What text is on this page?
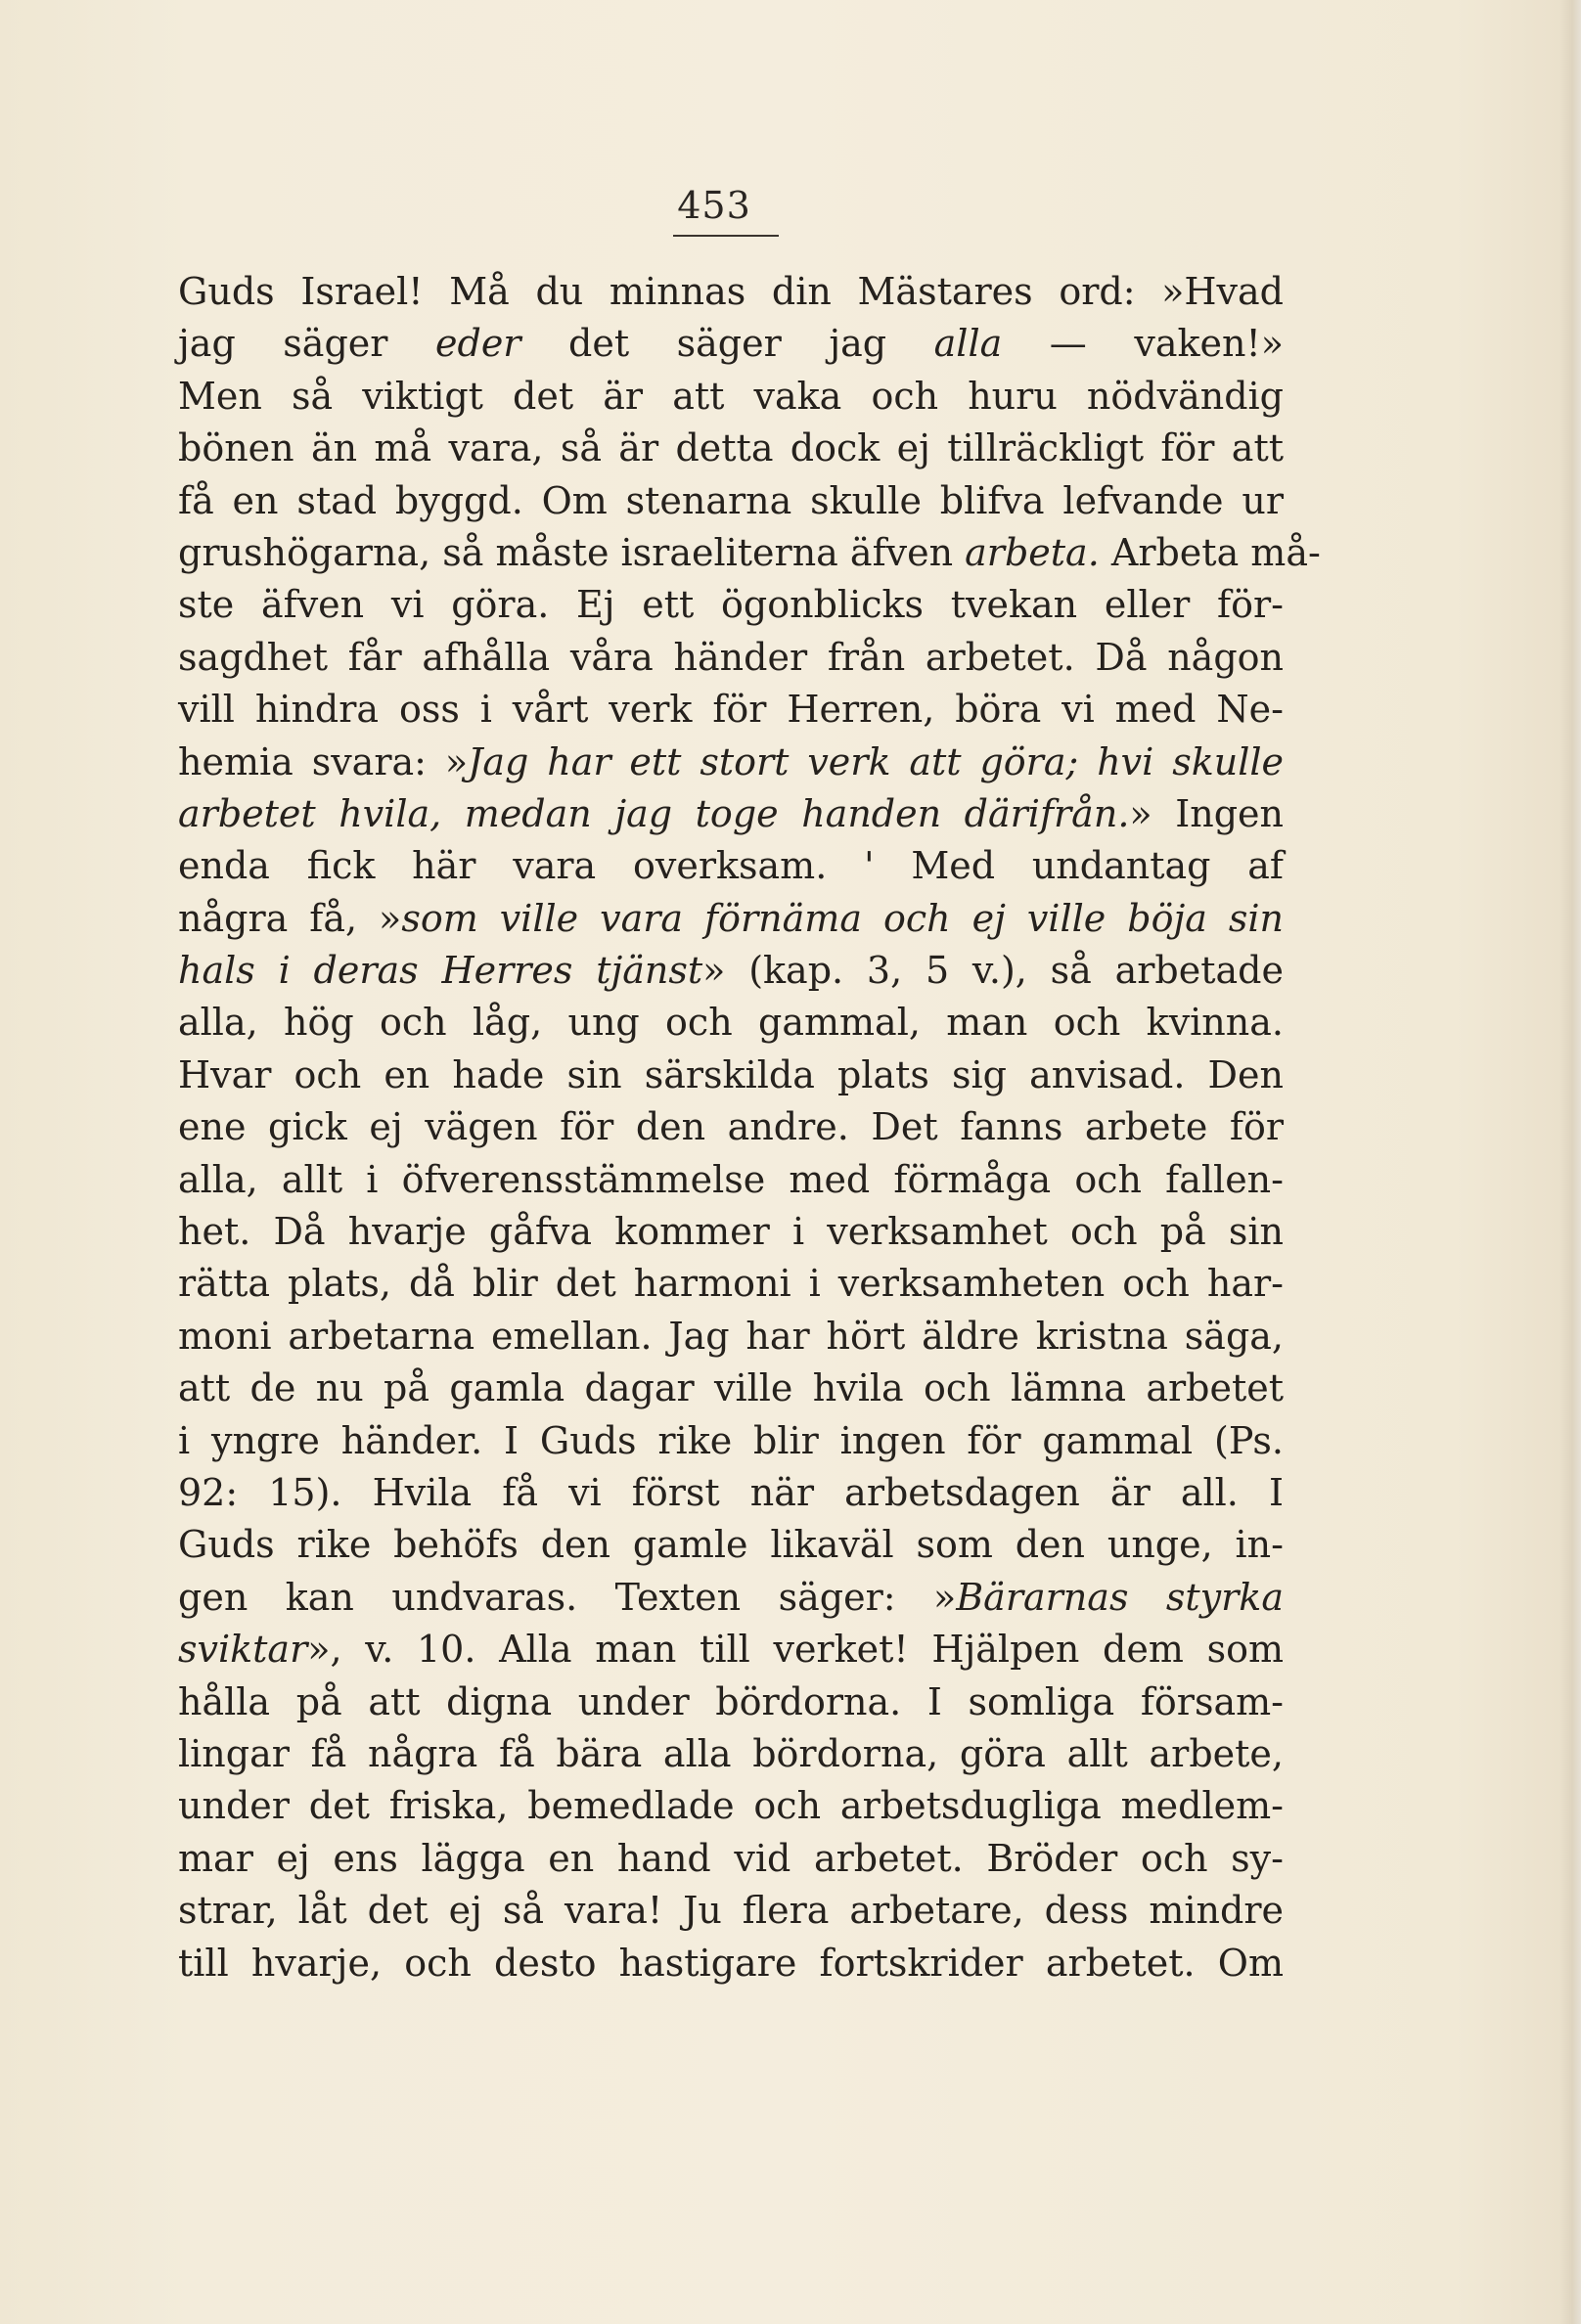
453
Guds Israel! Må du minnas din Mästares ord: »Hvad
jag säger eder det säger jag alla — vaken!»
Men så viktigt det är att vaka och huru nödvändig
bönen än må vara, så är detta dock ej tillräckligt för att
få en stad byggd. Om stenarna skulle blifva lefvande ur
grushögarna, så måste israeliterna äfven arbeta. Arbeta må-
ste äfven vi göra. Ej ett ögonblicks tvekan eller för-
sagdhet får afhålla våra händer från arbetet. Då någon
vill hindra oss i vårt verk för Herren, böra vi med Ne-
hemia svara: »Jag har ett stort verk att göra; hvi skulle
arbetet hvila, medan jag toge handen därifrån.» Ingen
enda fick här vara overksam. ' Med undantag af
några få, »som ville vara förnäma och ej ville böja sin
hals i deras Herres tjänst» (kap. 3, 5 v.), så arbetade
alla, hög och låg, ung och gammal, man och kvinna.
Hvar och en hade sin särskilda plats sig anvisad. Den
ene gick ej vägen för den andre. Det fanns arbete för
alla, allt i öfverensstämmelse med förmåga och fallen-
het. Då hvarje gåfva kommer i verksamhet och på sin
rätta plats, då blir det harmoni i verksamheten och har-
moni arbetarna emellan. Jag har hört äldre kristna säga,
att de nu på gamla dagar ville hvila och lämna arbetet
i yngre händer. I Guds rike blir ingen för gammal (Ps.
92: 15). Hvila få vi först när arbetsdagen är all. I
Guds rike behöfs den gamle likaväl som den unge, in-
gen kan undvaras. Texten säger: »Bärarnas styrka
sviktar», v. 10. Alla man till verket! Hjälpen dem som
hålla på att digna under bördorna. I somliga försam-
lingar få några få bära alla bördorna, göra allt arbete,
under det friska, bemedlade och arbetsdugliga medlem-
mar ej ens lägga en hand vid arbetet. Bröder och sy-
strar, låt det ej så vara! Ju flera arbetare, dess mindre
till hvarje, och desto hastigare fortskrider arbetet. Om
